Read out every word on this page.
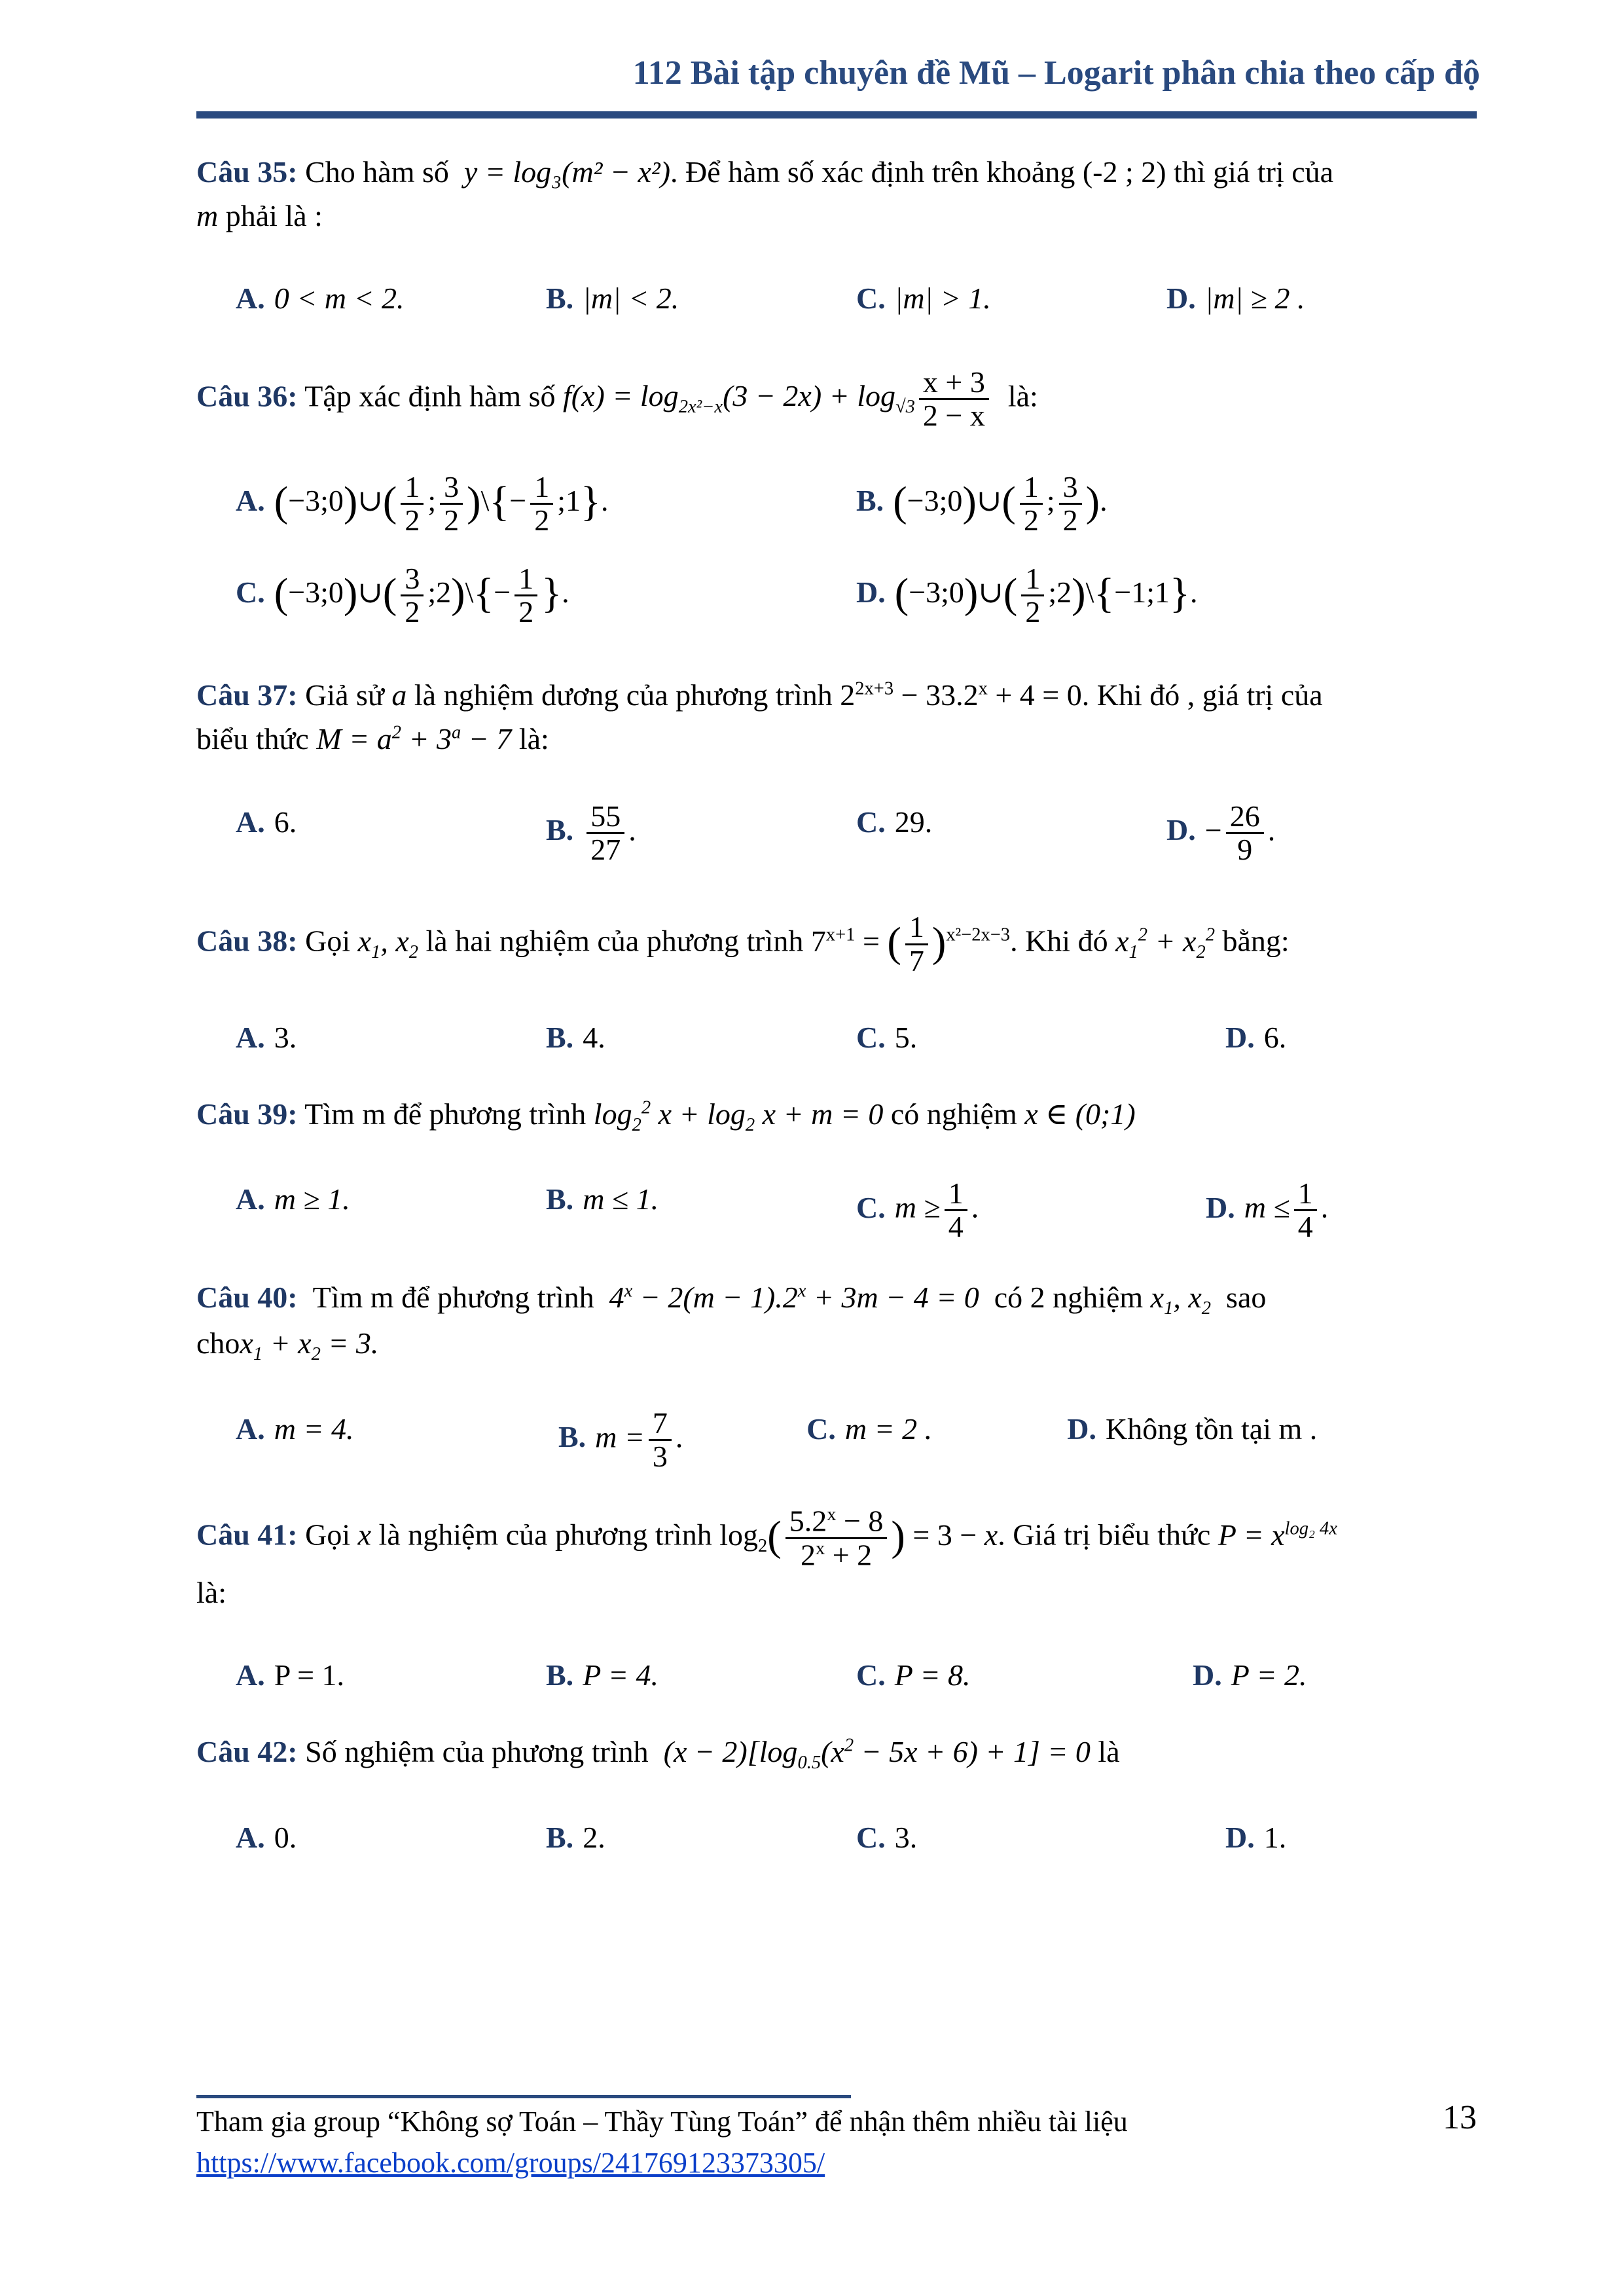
112 Bài tập chuyên đề Mũ – Logarit phân chia theo cấp độ
Câu 35: Cho hàm số y = log₃(m² − x²). Để hàm số xác định trên khoảng (-2 ; 2) thì giá trị của
m phải là :
A. 0 < m < 2.	B. |m| < 2.	C. |m| > 1.	D. |m| ≥ 2 .
Câu 36: Tập xác định hàm số $f(x) = \log_{2x^2-x}(3 - 2x) + \log_{√3} \frac{x + 3}{2 - x}$ là:
A. (−3;0)∪( $\frac{1}{2}$ ; $\frac{3}{2}$ )\{− $\frac{1}{2}$ ;1}.	B. (−3;0)∪( $\frac{1}{2}$ ; $\frac{3}{2}$ ).
C. (−3;0)∪( $\frac{3}{2}$ ;2)\{− $\frac{1}{2}$ }.	D. (−3;0)∪( $\frac{1}{2}$ ;2)\{−1;1}.
Câu 37: Giả sử a là nghiệm dương của phương trình $2^{2x+3} - 33.2^x + 4 = 0$. Khi đó , giá trị của
biểu thức $M = a^2 + 3^a - 7$ là:
A. 6.	B. $\frac{55}{27}$ .	C. 29.	D. − $\frac{26}{9}$ .
Câu 38: Gọi $x_1$, $x_2$ là hai nghiệm của phương trình $7^{x+1}$ = ( $\frac{1}{7} )^{x^2-2x-3}$. Khi đó $x_1^2 + x_2^2$ bằng:
A. 3.	B. 4.	C. 5.	D. 6.
Câu 39: Tìm m để phương trình $\log_2^2 x + \log_2 x + m = 0$ có nghiệm x ∈ (0;1)
A. m ≥ 1.	B. m ≤ 1.	C. $m \ge \frac{1}{4}$ .	D. $m \le \frac{1}{4}$ .
Câu 40: Tìm m để phương trình $4^x - 2(m - 1).2^x + 3m - 4 = 0$ có 2 nghiệm $x_1$, $x_2$ sao
chox$_1$ + $x_2 = 3$.
A. m = 4.	B. $m = \frac{7}{3}$ .	C. m = 2 .	D. Không tồn tại m .
Câu 41: Gọi x là nghiệm của phương trình $\log_2( \frac{5.2^x - 8}{2^x + 2}$ ) = 3 − x. Giá trị biểu thức $P = x^{log_2 4x}$
là:
A. P = 1.	B. P = 4.	C. P = 8.	D. P = 2.
Câu 42: Số nghiệm của phương trình $(x - 2)[\log_{0.5}(x^2 - 5x + 6) + 1] = 0$ là
A. 0.	B. 2.	C. 3.	D. 1.
Tham gia group “Không sợ Toán – Thầy Tùng Toán” để nhận thêm nhiều tài liệu
https://www.facebook.com/groups/241769123373305/
13
